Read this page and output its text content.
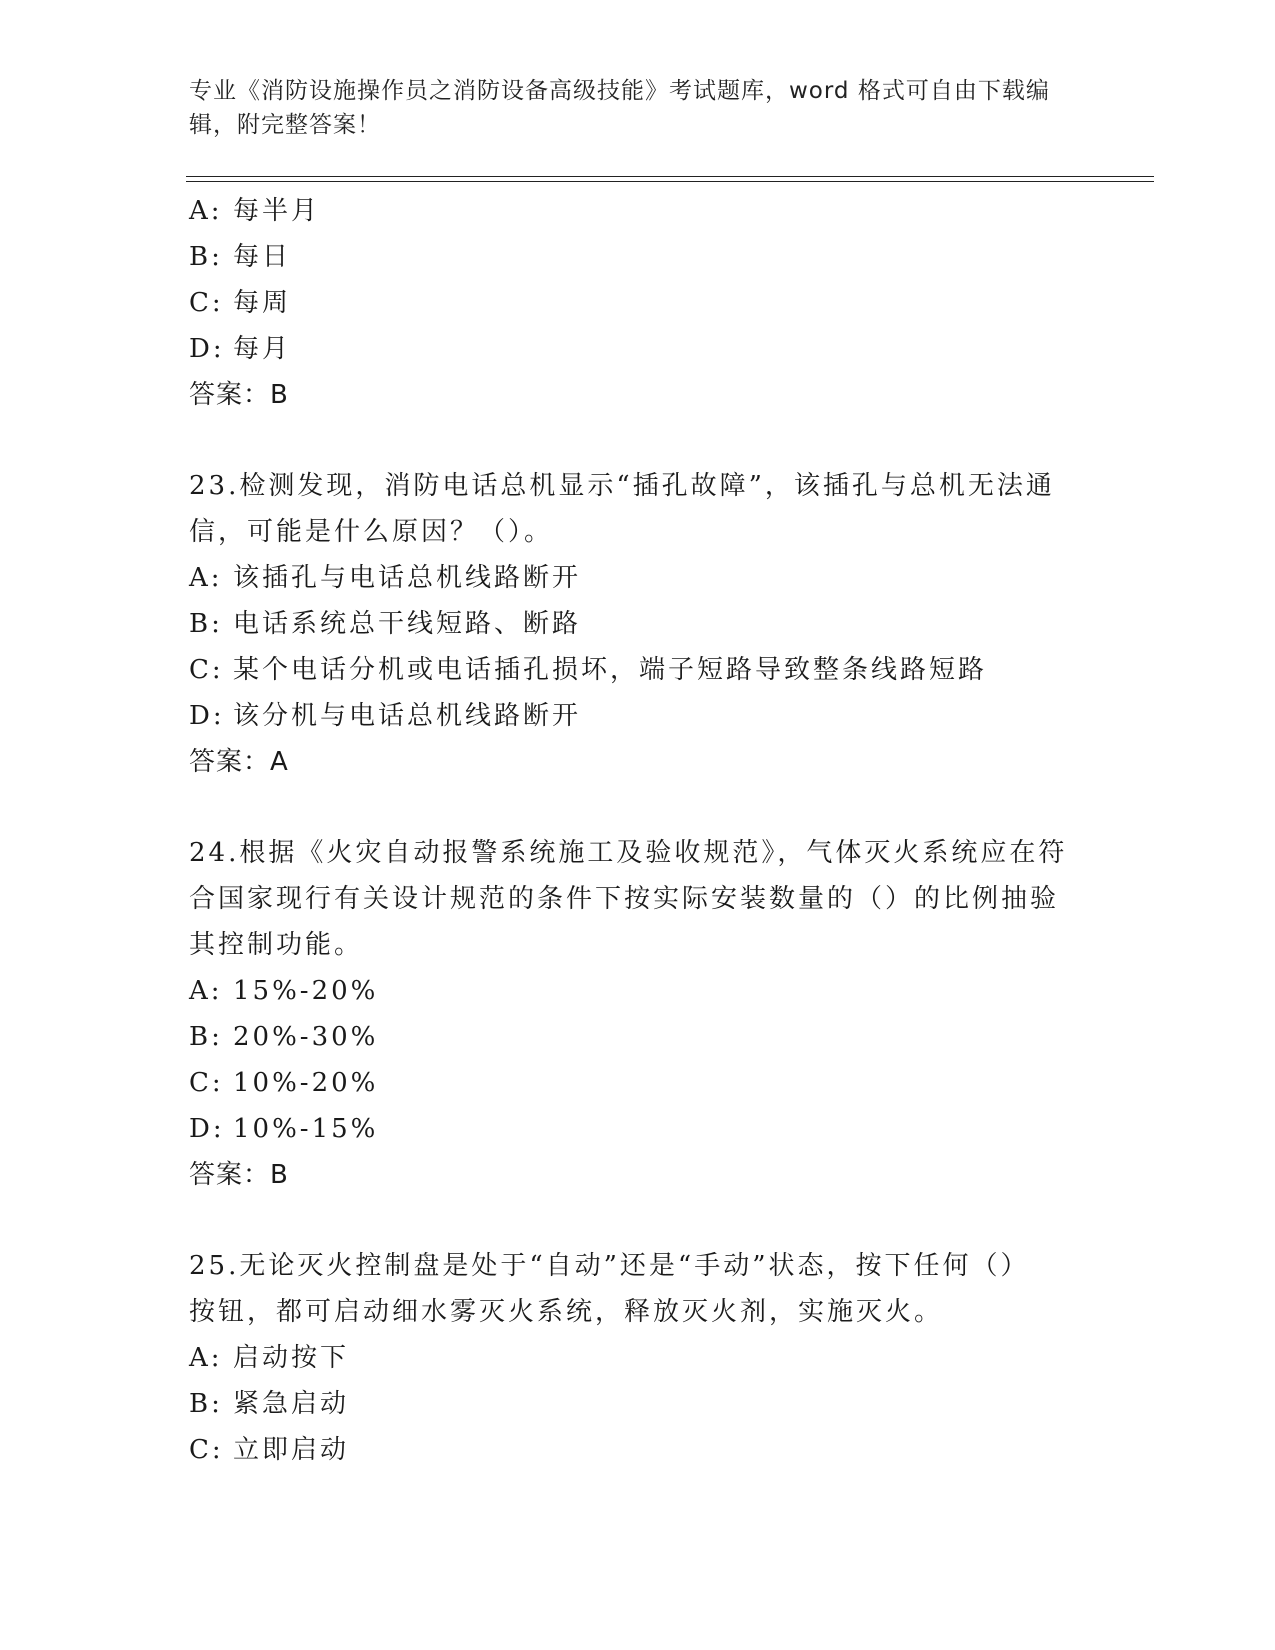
专业《消防设施操作员之消防设备高级技能》考试题库，word 格式可自由下载编辑，附完整答案！
A: 每半月
B: 每日
C: 每周
D: 每月
答案：B
23.检测发现，消防电话总机显示“插孔故障”，该插孔与总机无法通
信，可能是什么原因？（）。
A: 该插孔与电话总机线路断开
B: 电话系统总干线短路、断路
C: 某个电话分机或电话插孔损坏，端子短路导致整条线路短路
D: 该分机与电话总机线路断开
答案：A
24.根据《火灾自动报警系统施工及验收规范》，气体灭火系统应在符
合国家现行有关设计规范的条件下按实际安装数量的（）的比例抽验
其控制功能。
A: 15%-20%
B: 20%-30%
C: 10%-20%
D: 10%-15%
答案：B
25.无论灭火控制盘是处于“自动”还是“手动”状态，按下任何（）
按钮，都可启动细水雾灭火系统，释放灭火剂，实施灭火。
A: 启动按下
B: 紧急启动
C: 立即启动
